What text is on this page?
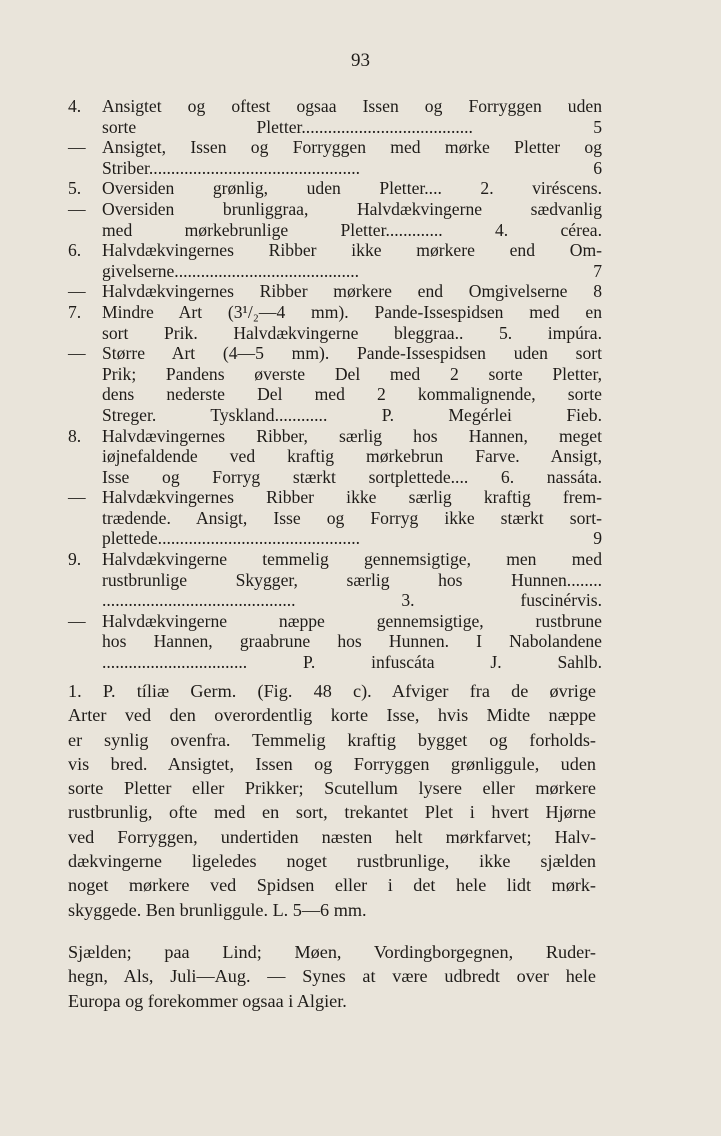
93
4.	Ansigtet og oftest ogsaa Issen og Forryggen uden
sorte Pletter....................................... 5
— Ansigtet, Issen og Forryggen med mørke Pletter og
Striber................................................ 6
5.	Oversiden grønlig, uden Pletter.... 2. viréscens.
— Oversiden brunliggraa, Halvdækvingerne sædvanlig
med mørkebrunlige Pletter............. 4. cérea.
6.	Halvdækvingernes Ribber ikke mørkere end Om-
givelserne.......................................... 7
— Halvdækvingernes Ribber mørkere end Omgivelserne 8
7.	Mindre Art (3¹/₂—4 mm). Pande-Issespidsen med en
sort Prik. Halvdækvingerne bleggraa.. 5. impúra.
— Større Art (4—5 mm). Pande-Issespidsen uden sort
Prik; Pandens øverste Del med 2 sorte Pletter,
dens nederste Del med 2 kommalignende, sorte
Streger. Tyskland............ P. Megérlei Fieb.
8.	Halvdævingernes Ribber, særlig hos Hannen, meget
iøjnefaldende ved kraftig mørkebrun Farve. Ansigt,
Isse og Forryg stærkt sortplettede.... 6. nassáta.
— Halvdækvingernes Ribber ikke særlig kraftig frem-
trædende. Ansigt, Isse og Forryg ikke stærkt sort-
plettede.............................................. 9
9.	Halvdækvingerne temmelig gennemsigtige, men med
rustbrunlige Skygger, særlig hos Hunnen........
............................................ 3. fuscinérvis.
— Halvdækvingerne næppe gennemsigtige, rustbrune
hos Hannen, graabrune hos Hunnen. I Nabolandene
................................. P. infuscáta J. Sahlb.
1. P. tíliæ Germ. (Fig. 48 c). Afviger fra de øvrige
Arter ved den overordentlig korte Isse, hvis Midte næppe
er synlig ovenfra. Temmelig kraftig bygget og forholds-
vis bred. Ansigtet, Issen og Forryggen grønliggule, uden
sorte Pletter eller Prikker; Scutellum lysere eller mørkere
rustbrunlig, ofte med en sort, trekantet Plet i hvert Hjørne
ved Forryggen, undertiden næsten helt mørkfarvet; Halv-
dækvingerne ligeledes noget rustbrunlige, ikke sjælden
noget mørkere ved Spidsen eller i det hele lidt mørk-
skyggede. Ben brunliggule. L. 5—6 mm.
Sjælden; paa Lind; Møen, Vordingborgegnen, Ruder-
hegn, Als, Juli—Aug. — Synes at være udbredt over hele
Europa og forekommer ogsaa i Algier.
